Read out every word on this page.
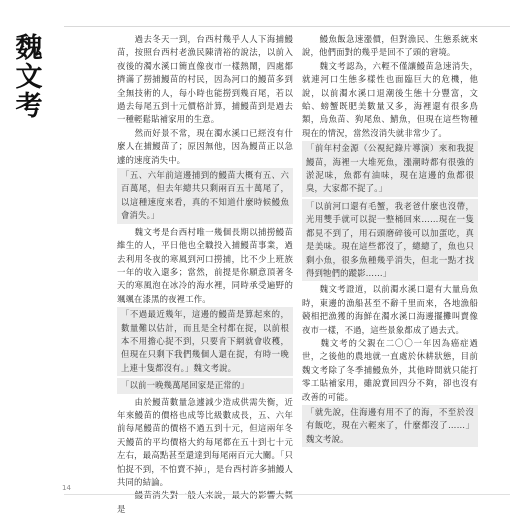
魏
文
考

　　過去冬天一到，台西村幾乎人人下海捕鰻苗，按照台西村老漁民陳清裕的說法，以前入夜後的濁水溪口簡直像夜市一樣熱鬧，四處都擠滿了撈捕鰻苗的村民，因為河口的鰻苗多到全無技術的人，每小時也能撈到幾百尾，若以過去每尾五到十元價格計算，捕鰻苗到是過去一種輕鬆貼補家用的生意。

　　然而好景不常，現在濁水溪口已經沒有什麼人在捕鰻苗了；原因無他，因為鰻苗正以急遽的速度消失中。

「五、六年前這邊捕到的鰻苗大概有五、六百萬尾，但去年總共只剩兩百五十萬尾了，以這種速度來看，真的不知道什麼時候鰻魚會消失。」

　　魏文考是台西村唯一幾個長期以捕撈鰻苗維生的人，平日他也全職投入捕鰻苗事業，過去利用冬夜的寒風到河口撈捕，比不少上班族一年的收入還多；當然，前提是你願意頂著冬天的寒風泡在冰冷的海水裡，同時承受遍野的颯颯在漆黑的夜裡工作。

「不過最近幾年，這邊的鰻苗是算起來的，數量難以估計，而且是全村都在捉，以前根本不用擔心捉不到，只要肯下網就會收穫，但現在只剩下我們幾個人還在捉，有時一晚上連十隻都沒有。」魏文考說。

「以前一晚幾萬尾回家是正常的」

　　由於鰻苗數量急遽減少造成供需失衡，近年來鰻苗的價格也成等比級數成長，五、六年前每尾鰻苗的價格不過五到十元，但這兩年冬天鰻苗的平均價格大約每尾都在五十到七十元左右，最高點甚至還達到每尾兩百元大關。「只怕捉不到，不怕賣不掉」，是台西村許多捕鰻人共同的結論。

　　鰻苗消失對一般人來說，最大的影響大概是

　　鰻魚飯急速漲價，但對漁民、生態系統來說，他們面對的幾乎是回不了頭的窘境。

　　魏文考認為，六輕不僅讓鰻苗急速消失，就連河口生態多樣性也面臨巨大的危機，他說，以前濁水溪口退潮後生態十分豐富，文蛤、螃蟹既肥美數量又多，海裡還有很多鳥類，烏魚苗、狗尾魚、鯖魚，但現在這些物種現在的情況，當然沒消失就非常少了。

「前年村金源（公視紀錄片導演）來和我捉鰻苗，海裡一大堆死魚，漲潮時都有很強的淤泥味，魚都有油味，現在這邊的魚都很臭，大家都不捉了。」

「以前河口還有毛蟹，我老爸什麼也沒帶，光用雙手就可以捉一整桶回來……現在一隻都見不到了，用石頭磨碎後可以加蛋吃，真是美味。現在這些都沒了，總總了，魚也只剩小魚，很多魚種幾乎消失，但北一點才找得到牠們的蹤影……」

　　魏文考證道，以前濁水溪口還有大量烏魚時，東邊的漁船甚至不辭千里而來，各地漁船競相把漁獲的海鮮在濁水溪口海邊擺攤叫賣像夜市一樣，不過，這些景象都成了過去式。

　　魏文考的父親在二〇〇一年因為癌症過世，之後他的農地就一直處於休耕狀態，目前魏文考除了冬季捕鰻魚外，其他時間就只能打零工貼補家用，雖說賣回四分不夠，卻也沒有改善的可能。

「就先說，住海邊有用不了的海，不至於沒有飯吃，現在六輕來了，什麼都沒了……」魏文考說。

14
